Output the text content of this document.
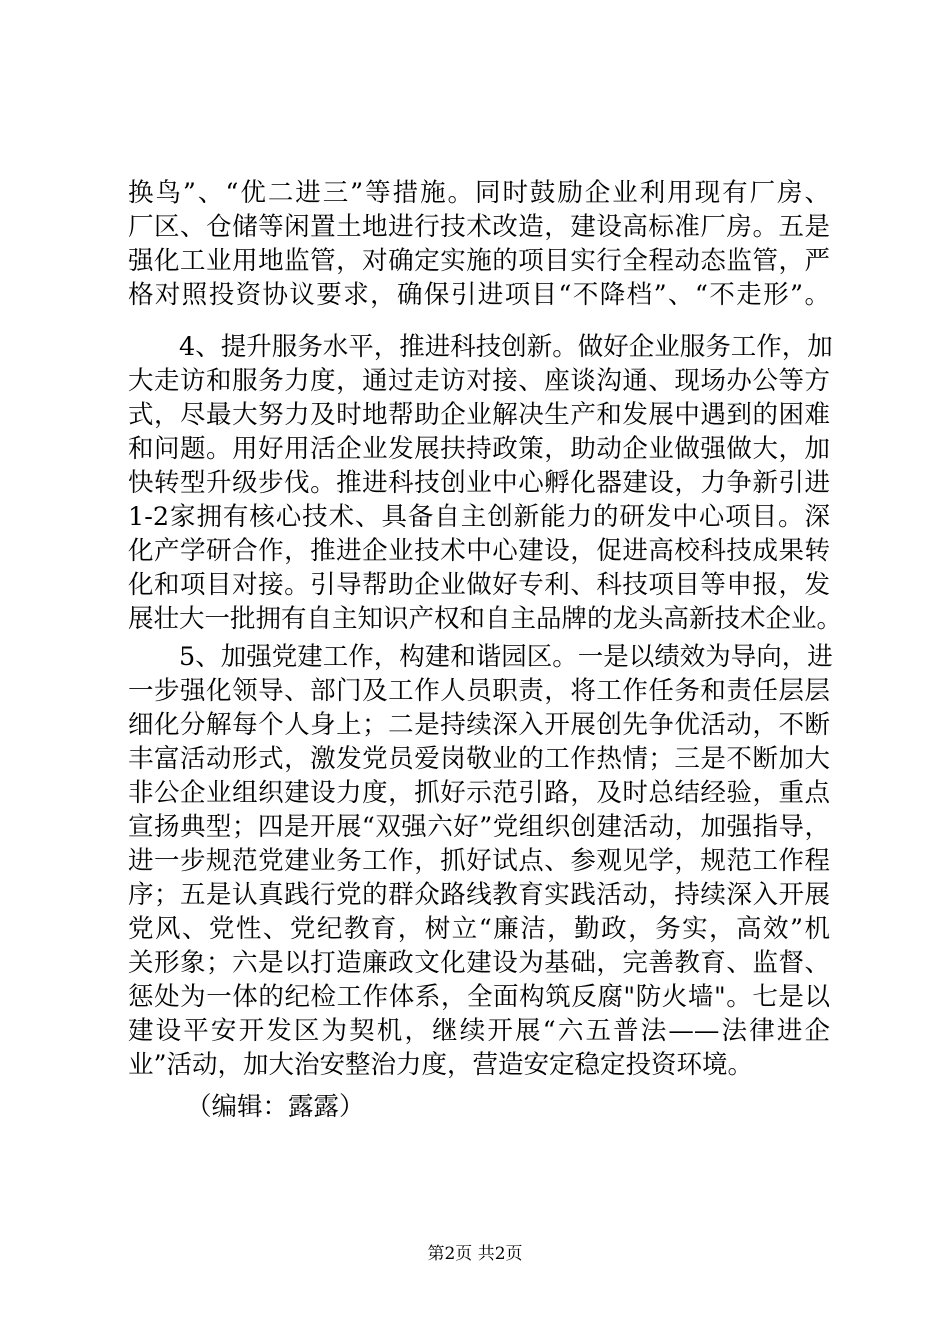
换鸟”、“优二进三”等措施。同时鼓励企业利用现有厂房、
厂区、仓储等闲置土地进行技术改造，建设高标准厂房。五是
强化工业用地监管，对确定实施的项目实行全程动态监管，严
格对照投资协议要求，确保引进项目“不降档”、“不走形”。
　　4、提升服务水平，推进科技创新。做好企业服务工作，加
大走访和服务力度，通过走访对接、座谈沟通、现场办公等方
式，尽最大努力及时地帮助企业解决生产和发展中遇到的困难
和问题。用好用活企业发展扶持政策，助动企业做强做大，加
快转型升级步伐。推进科技创业中心孵化器建设，力争新引进
1-2家拥有核心技术、具备自主创新能力的研发中心项目。深
化产学研合作，推进企业技术中心建设，促进高校科技成果转
化和项目对接。引导帮助企业做好专利、科技项目等申报，发
展壮大一批拥有自主知识产权和自主品牌的龙头高新技术企业。
　　5、加强党建工作，构建和谐园区。一是以绩效为导向，进
一步强化领导、部门及工作人员职责，将工作任务和责任层层
细化分解每个人身上；二是持续深入开展创先争优活动，不断
丰富活动形式，激发党员爱岗敬业的工作热情；三是不断加大
非公企业组织建设力度，抓好示范引路，及时总结经验，重点
宣扬典型；四是开展“双强六好”党组织创建活动，加强指导，
进一步规范党建业务工作，抓好试点、参观见学，规范工作程
序；五是认真践行党的群众路线教育实践活动，持续深入开展
党风、党性、党纪教育，树立“廉洁，勤政，务实，高效”机
关形象；六是以打造廉政文化建设为基础，完善教育、监督、
惩处为一体的纪检工作体系，全面构筑反腐"防火墙"。七是以
建设平安开发区为契机，继续开展“六五普法——法律进企
业”活动，加大治安整治力度，营造安定稳定投资环境。
（编辑：露露）
第2页 共2页
